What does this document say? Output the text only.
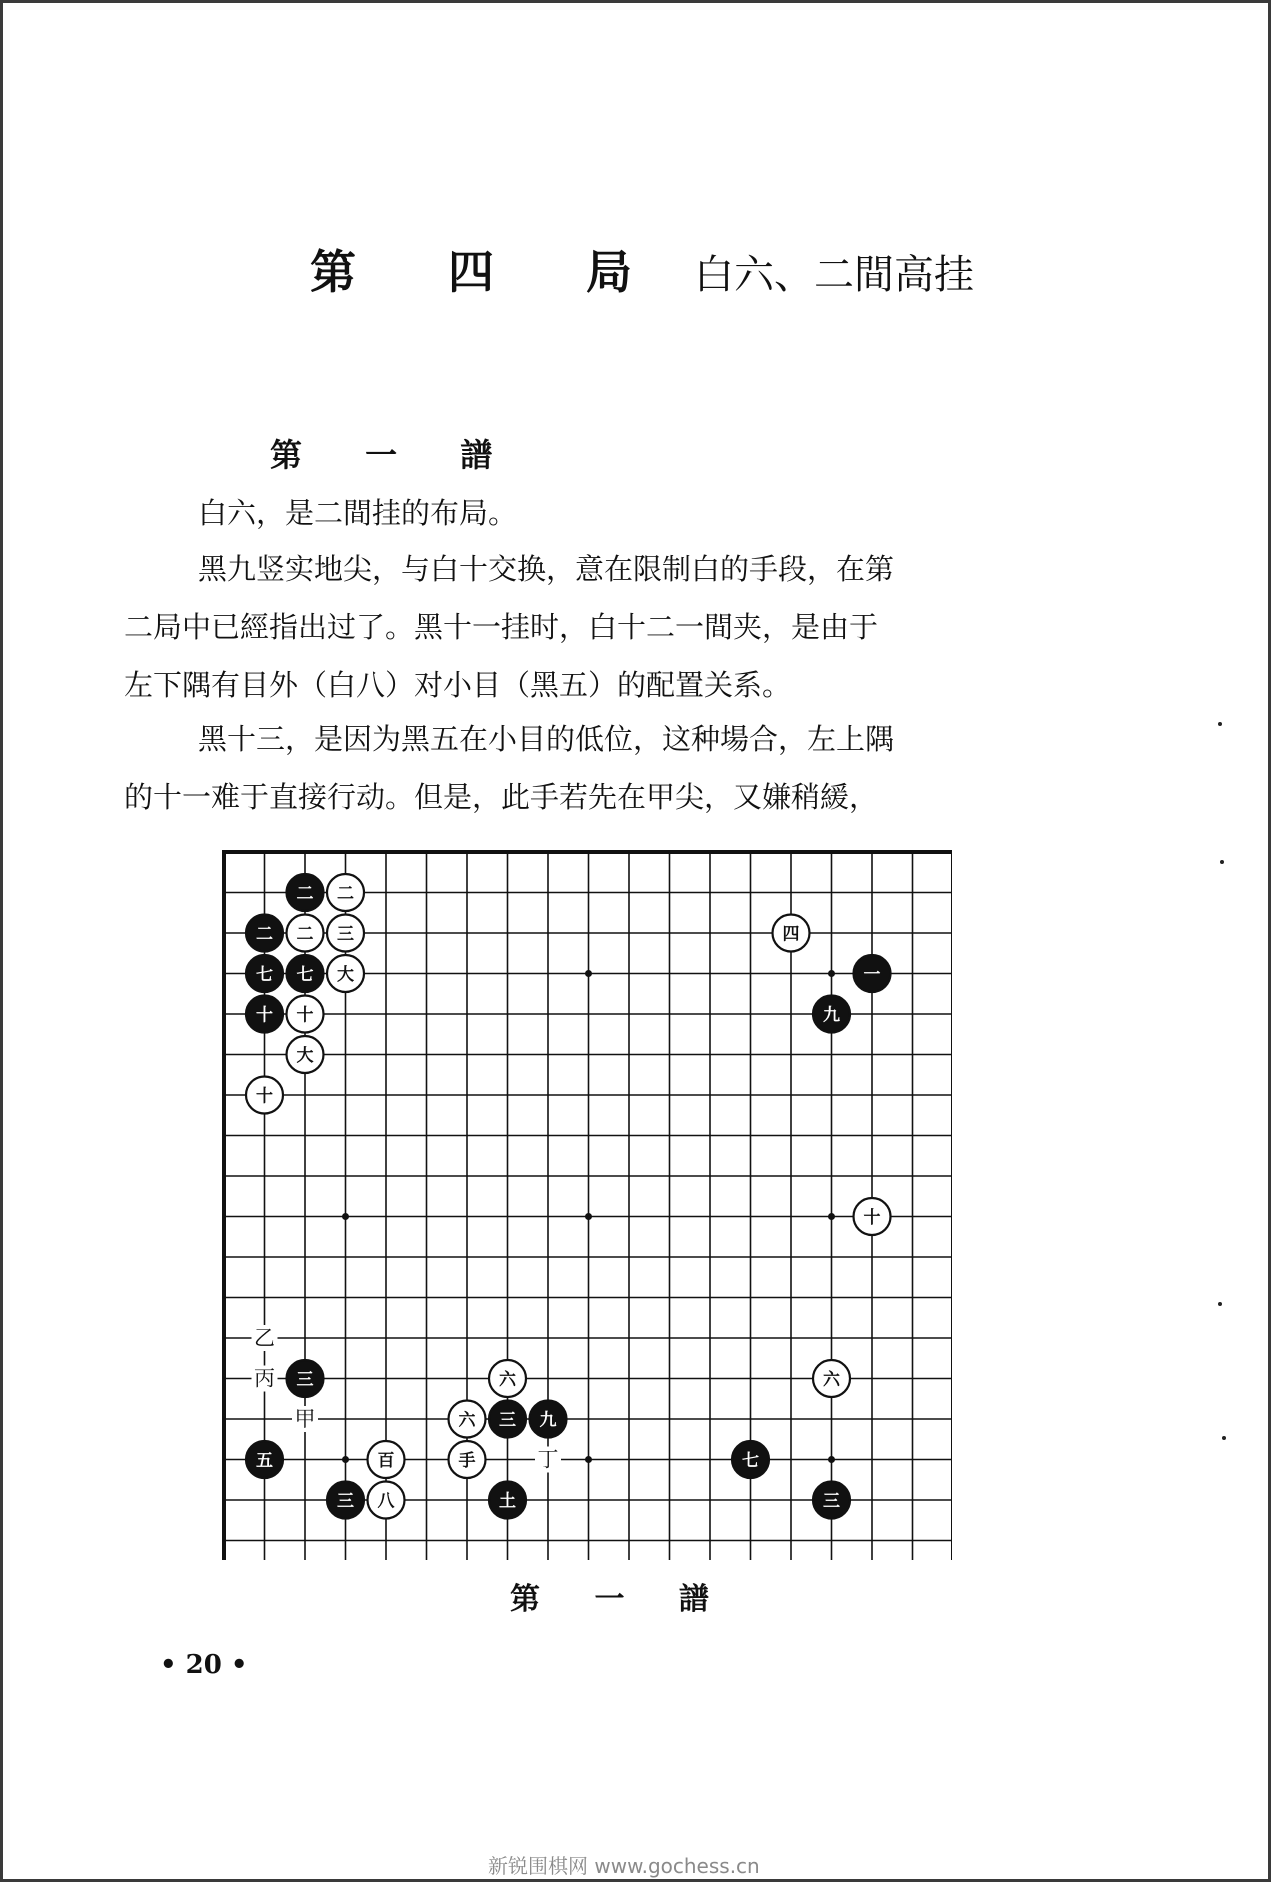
第 四 局 白六、二間高挂
第 一 譜
白六，是二間挂的布局。
黑九竖实地尖，与白十交换，意在限制白的手段，在第
二局中已經指出过了。黑十一挂时，白十二一間夹，是由于
左下隅有目外（白八）对小目（黑五）的配置关系。
黑十三，是因为黑五在小目的低位，这种場合，左上隅
的十一难于直接行动。但是，此手若先在甲尖，又嫌稍緩，
二 二
二 二 三
七 七 大
十 十
大
十
四
一
九
十
三
五	百
三 八
六
六 三 九
手
土
七
六
三
乙
丙
甲
丁
第 一 譜
• 20 •
新锐围棋网 www.gochess.cn
